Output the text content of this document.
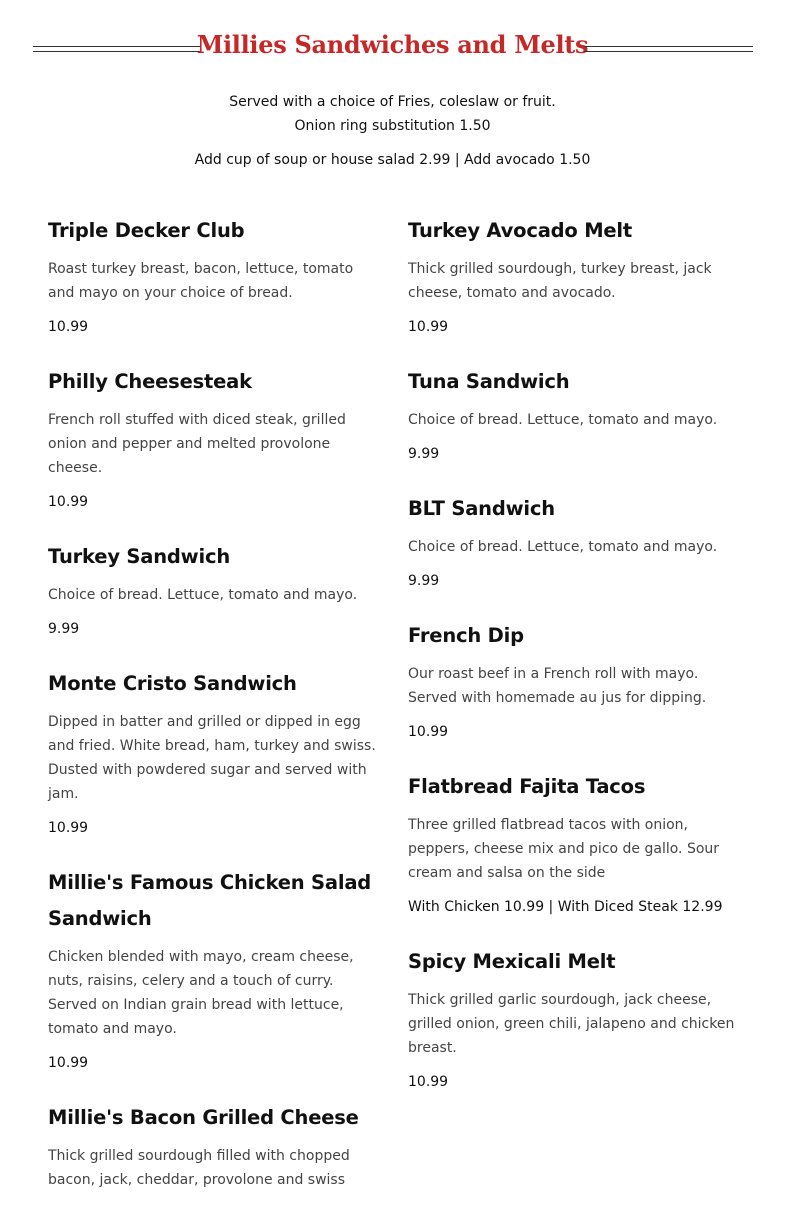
Millies Sandwiches and Melts
Served with a choice of Fries, coleslaw or fruit.
Onion ring substitution 1.50
Add cup of soup or house salad 2.99 | Add avocado 1.50
Triple Decker Club
Roast turkey breast, bacon, lettuce, tomato and mayo on your choice of bread.
10.99
Philly Cheesesteak
French roll stuffed with diced steak, grilled onion and pepper and melted provolone cheese.
10.99
Turkey Sandwich
Choice of bread. Lettuce, tomato and mayo.
9.99
Monte Cristo Sandwich
Dipped in batter and grilled or dipped in egg and fried. White bread, ham, turkey and swiss. Dusted with powdered sugar and served with jam.
10.99
Millie's Famous Chicken Salad Sandwich
Chicken blended with mayo, cream cheese, nuts, raisins, celery and a touch of curry. Served on Indian grain bread with lettuce, tomato and mayo.
10.99
Millie's Bacon Grilled Cheese
Thick grilled sourdough filled with chopped bacon, jack, cheddar, provolone and swiss
Turkey Avocado Melt
Thick grilled sourdough, turkey breast, jack cheese, tomato and avocado.
10.99
Tuna Sandwich
Choice of bread. Lettuce, tomato and mayo.
9.99
BLT Sandwich
Choice of bread. Lettuce, tomato and mayo.
9.99
French Dip
Our roast beef in a French roll with mayo. Served with homemade au jus for dipping.
10.99
Flatbread Fajita Tacos
Three grilled flatbread tacos with onion, peppers, cheese mix and pico de gallo. Sour cream and salsa on the side
With Chicken 10.99 | With Diced Steak 12.99
Spicy Mexicali Melt
Thick grilled garlic sourdough, jack cheese, grilled onion, green chili, jalapeno and chicken breast.
10.99
